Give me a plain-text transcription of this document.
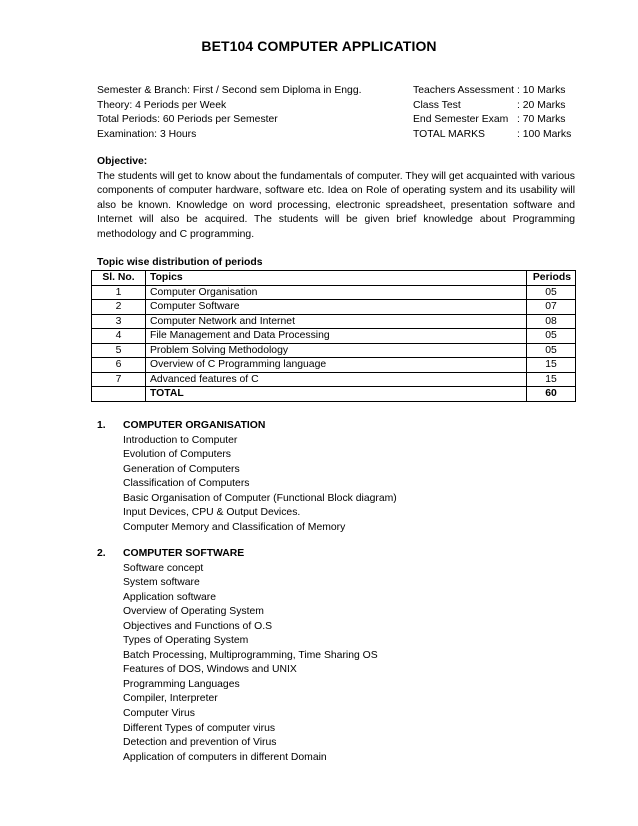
BET104 COMPUTER APPLICATION
Semester & Branch: First / Second sem Diploma in Engg.
Theory: 4 Periods per Week
Total Periods: 60 Periods per Semester
Examination: 3 Hours
Teachers Assessment : 10 Marks
Class Test	: 20 Marks
End Semester Exam : 70 Marks
TOTAL MARKS	: 100 Marks
Objective:

The students will get to know about the fundamentals of computer. They will get acquainted with various components of computer hardware, software etc. Idea on Role of operating system and its usability will also be known. Knowledge on word processing, electronic spreadsheet, presentation software and Internet will also be acquired. The students will be given brief knowledge about Programming methodology and C programming.

Topic wise distribution of periods
Sl. No.	Topics	Periods
1	Computer Organisation	05
2	Computer Software	07
3	Computer Network and Internet	08
4	File Management and Data Processing	05
5	Problem Solving Methodology	05
6	Overview of C Programming language	15
7	Advanced features of C	15
	TOTAL	60
1.	COMPUTER ORGANISATION
Introduction to Computer
Evolution of Computers
Generation of Computers
Classification of Computers
Basic Organisation of Computer (Functional Block diagram)
Input Devices, CPU & Output Devices.
Computer Memory and Classification of Memory
2.	COMPUTER SOFTWARE
Software concept
System software
Application software
Overview of Operating System
Objectives and Functions of O.S
Types of Operating System
Batch Processing, Multiprogramming, Time Sharing OS
Features of DOS, Windows and UNIX
Programming Languages
Compiler, Interpreter
Computer Virus
Different Types of computer virus
Detection and prevention of Virus
Application of computers in different Domain
